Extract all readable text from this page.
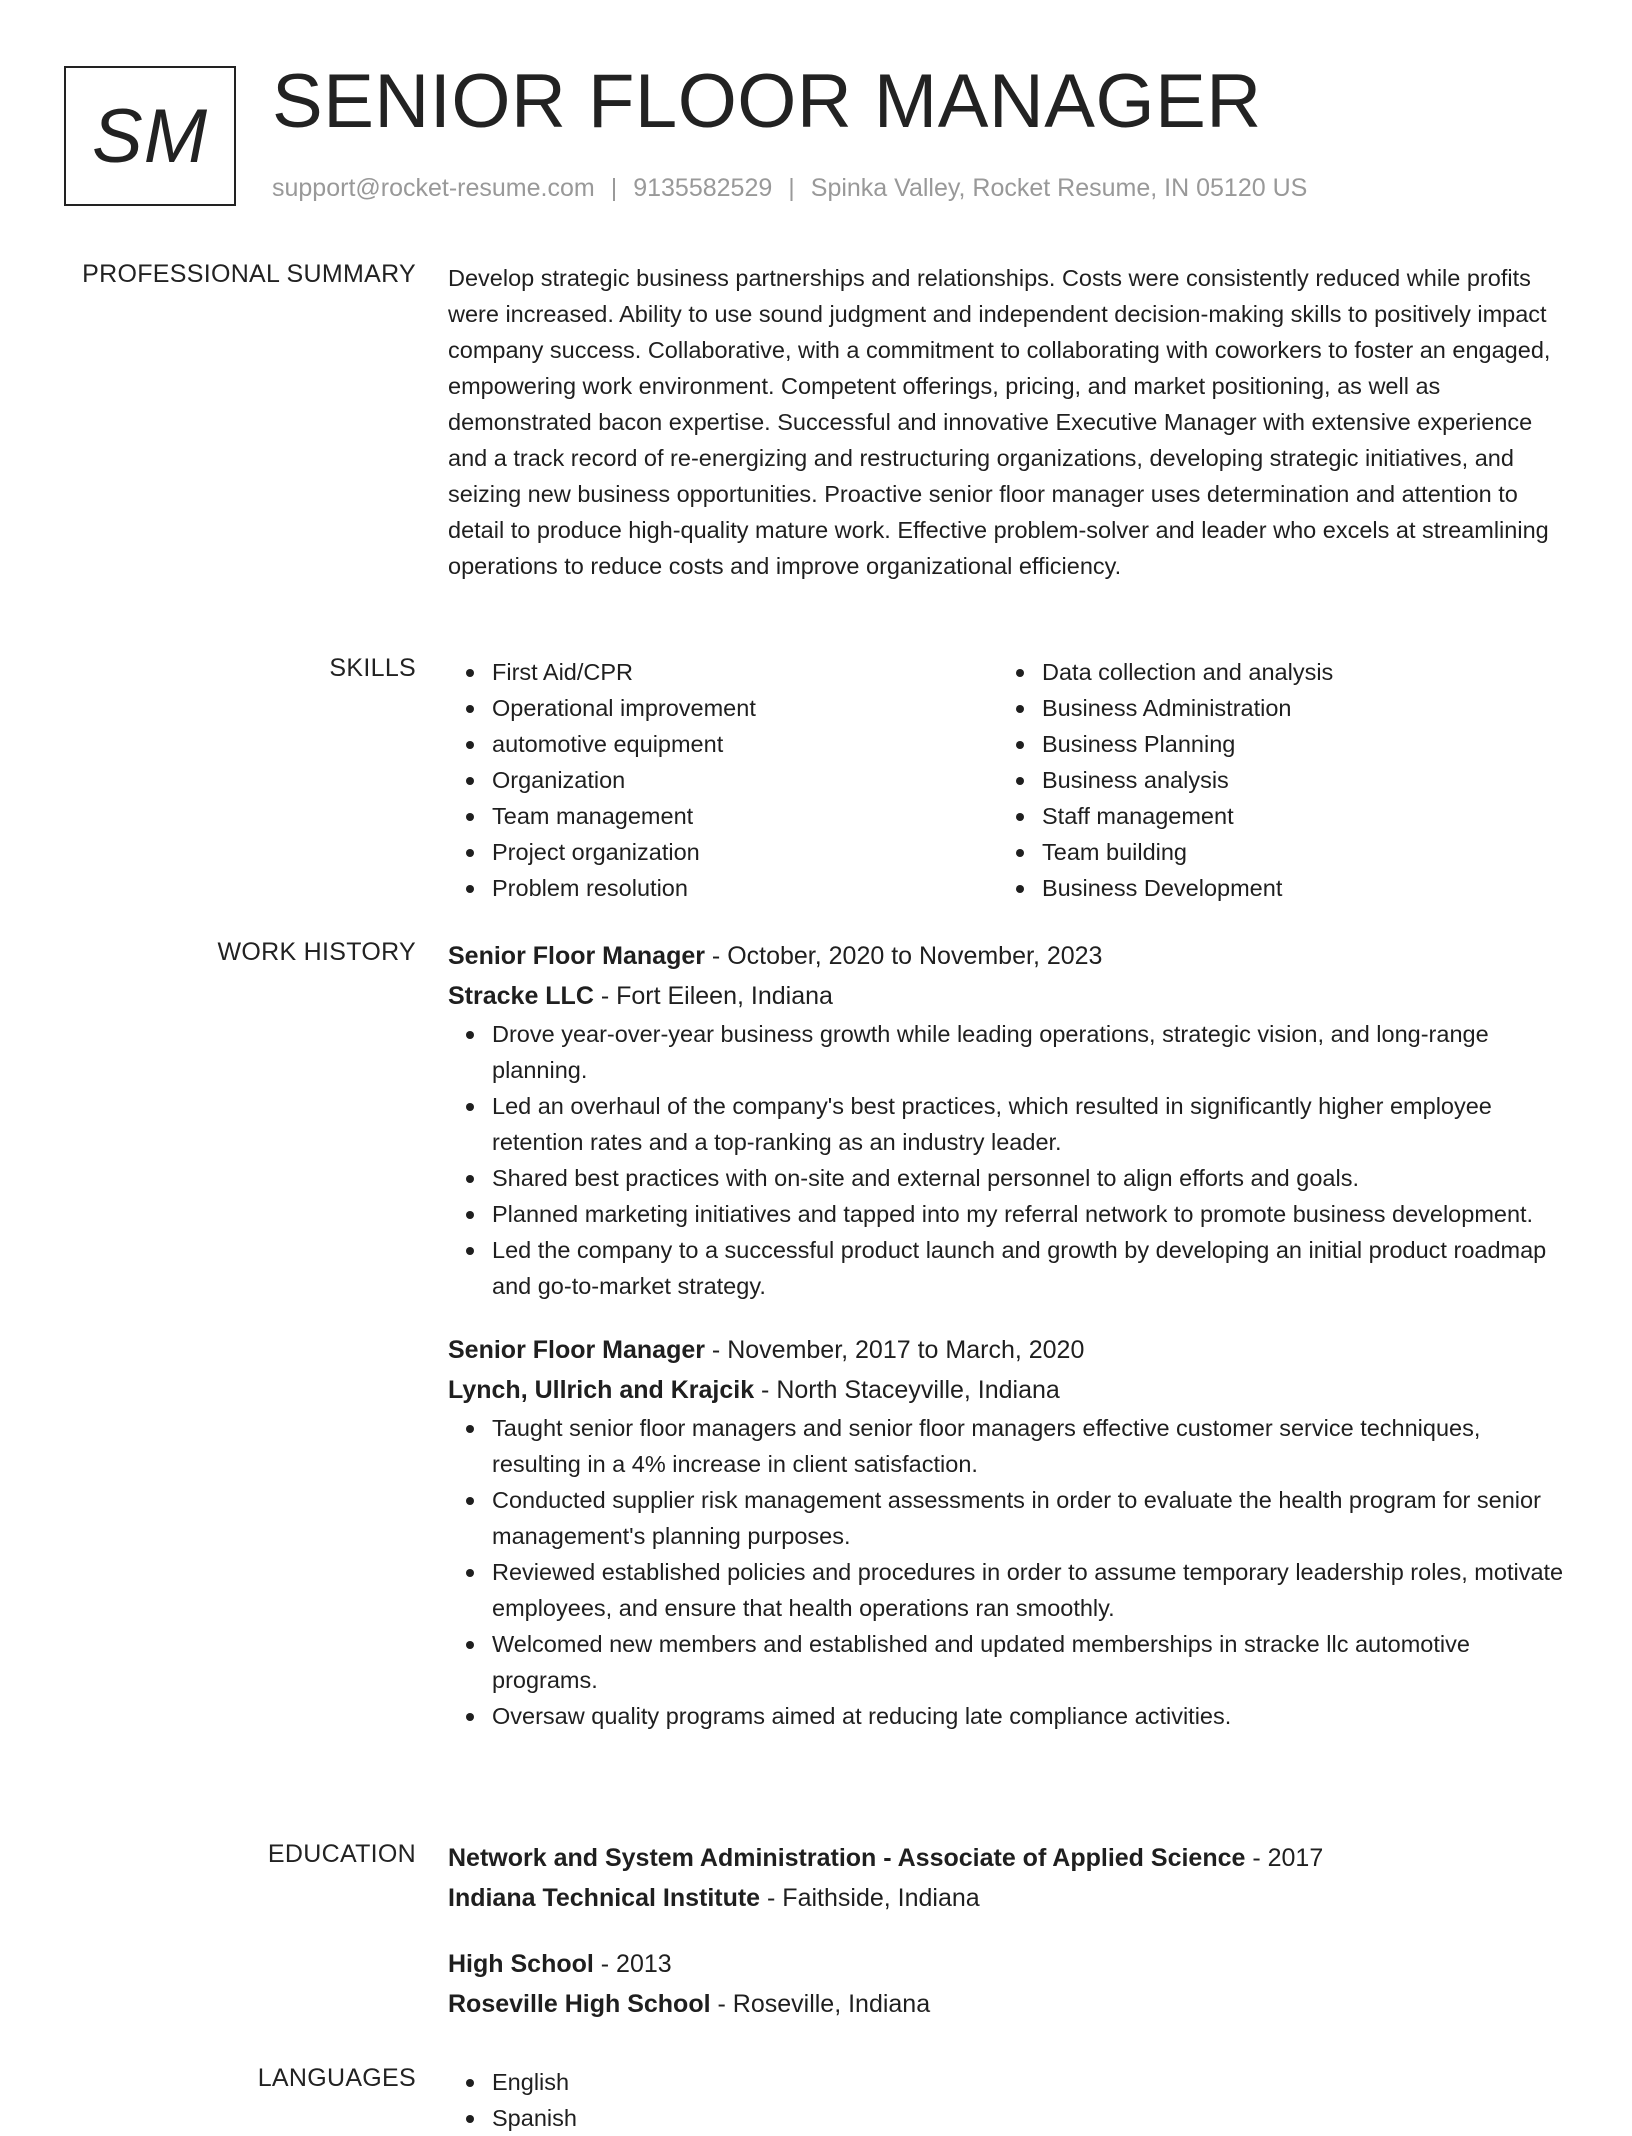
SM SENIOR FLOOR MANAGER
support@rocket-resume.com | 9135582529 | Spinka Valley, Rocket Resume, IN 05120 US
PROFESSIONAL SUMMARY Develop strategic business partnerships and relationships. Costs were consistently reduced while profits were increased. Ability to use sound judgment and independent decision-making skills to positively impact company success. Collaborative, with a commitment to collaborating with coworkers to foster an engaged, empowering work environment. Competent offerings, pricing, and market positioning, as well as demonstrated bacon expertise. Successful and innovative Executive Manager with extensive experience and a track record of re-energizing and restructuring organizations, developing strategic initiatives, and seizing new business opportunities. Proactive senior floor manager uses determination and attention to detail to produce high-quality mature work. Effective problem-solver and leader who excels at streamlining operations to reduce costs and improve organizational efficiency.

SKILLS	First Aid/CPR
Operational improvement
automotive equipment
Organization
Team management
Project organization
Problem resolution
Data collection and analysis
Business Administration
Business Planning
Business analysis
Staff management
Team building
Business Development
WORK HISTORY Senior Floor Manager - October, 2020 to November, 2023
Stracke LLC - Fort Eileen, Indiana
Drove year-over-year business growth while leading operations, strategic vision, and long-range planning.
Led an overhaul of the company's best practices, which resulted in significantly higher employee retention rates and a top-ranking as an industry leader.
Shared best practices with on-site and external personnel to align efforts and goals.
Planned marketing initiatives and tapped into my referral network to promote business development.
Led the company to a successful product launch and growth by developing an initial product roadmap and go-to-market strategy.
Senior Floor Manager - November, 2017 to March, 2020
Lynch, Ullrich and Krajcik - North Staceyville, Indiana
Taught senior floor managers and senior floor managers effective customer service techniques, resulting in a 4% increase in client satisfaction.
Conducted supplier risk management assessments in order to evaluate the health program for senior management's planning purposes.
Reviewed established policies and procedures in order to assume temporary leadership roles, motivate employees, and ensure that health operations ran smoothly.
Welcomed new members and established and updated memberships in stracke llc automotive programs.
Oversaw quality programs aimed at reducing late compliance activities.
EDUCATION Network and System Administration - Associate of Applied Science - 2017
Indiana Technical Institute - Faithside, Indiana
High School - 2013
Roseville High School - Roseville, Indiana
LANGUAGES	English
Spanish
